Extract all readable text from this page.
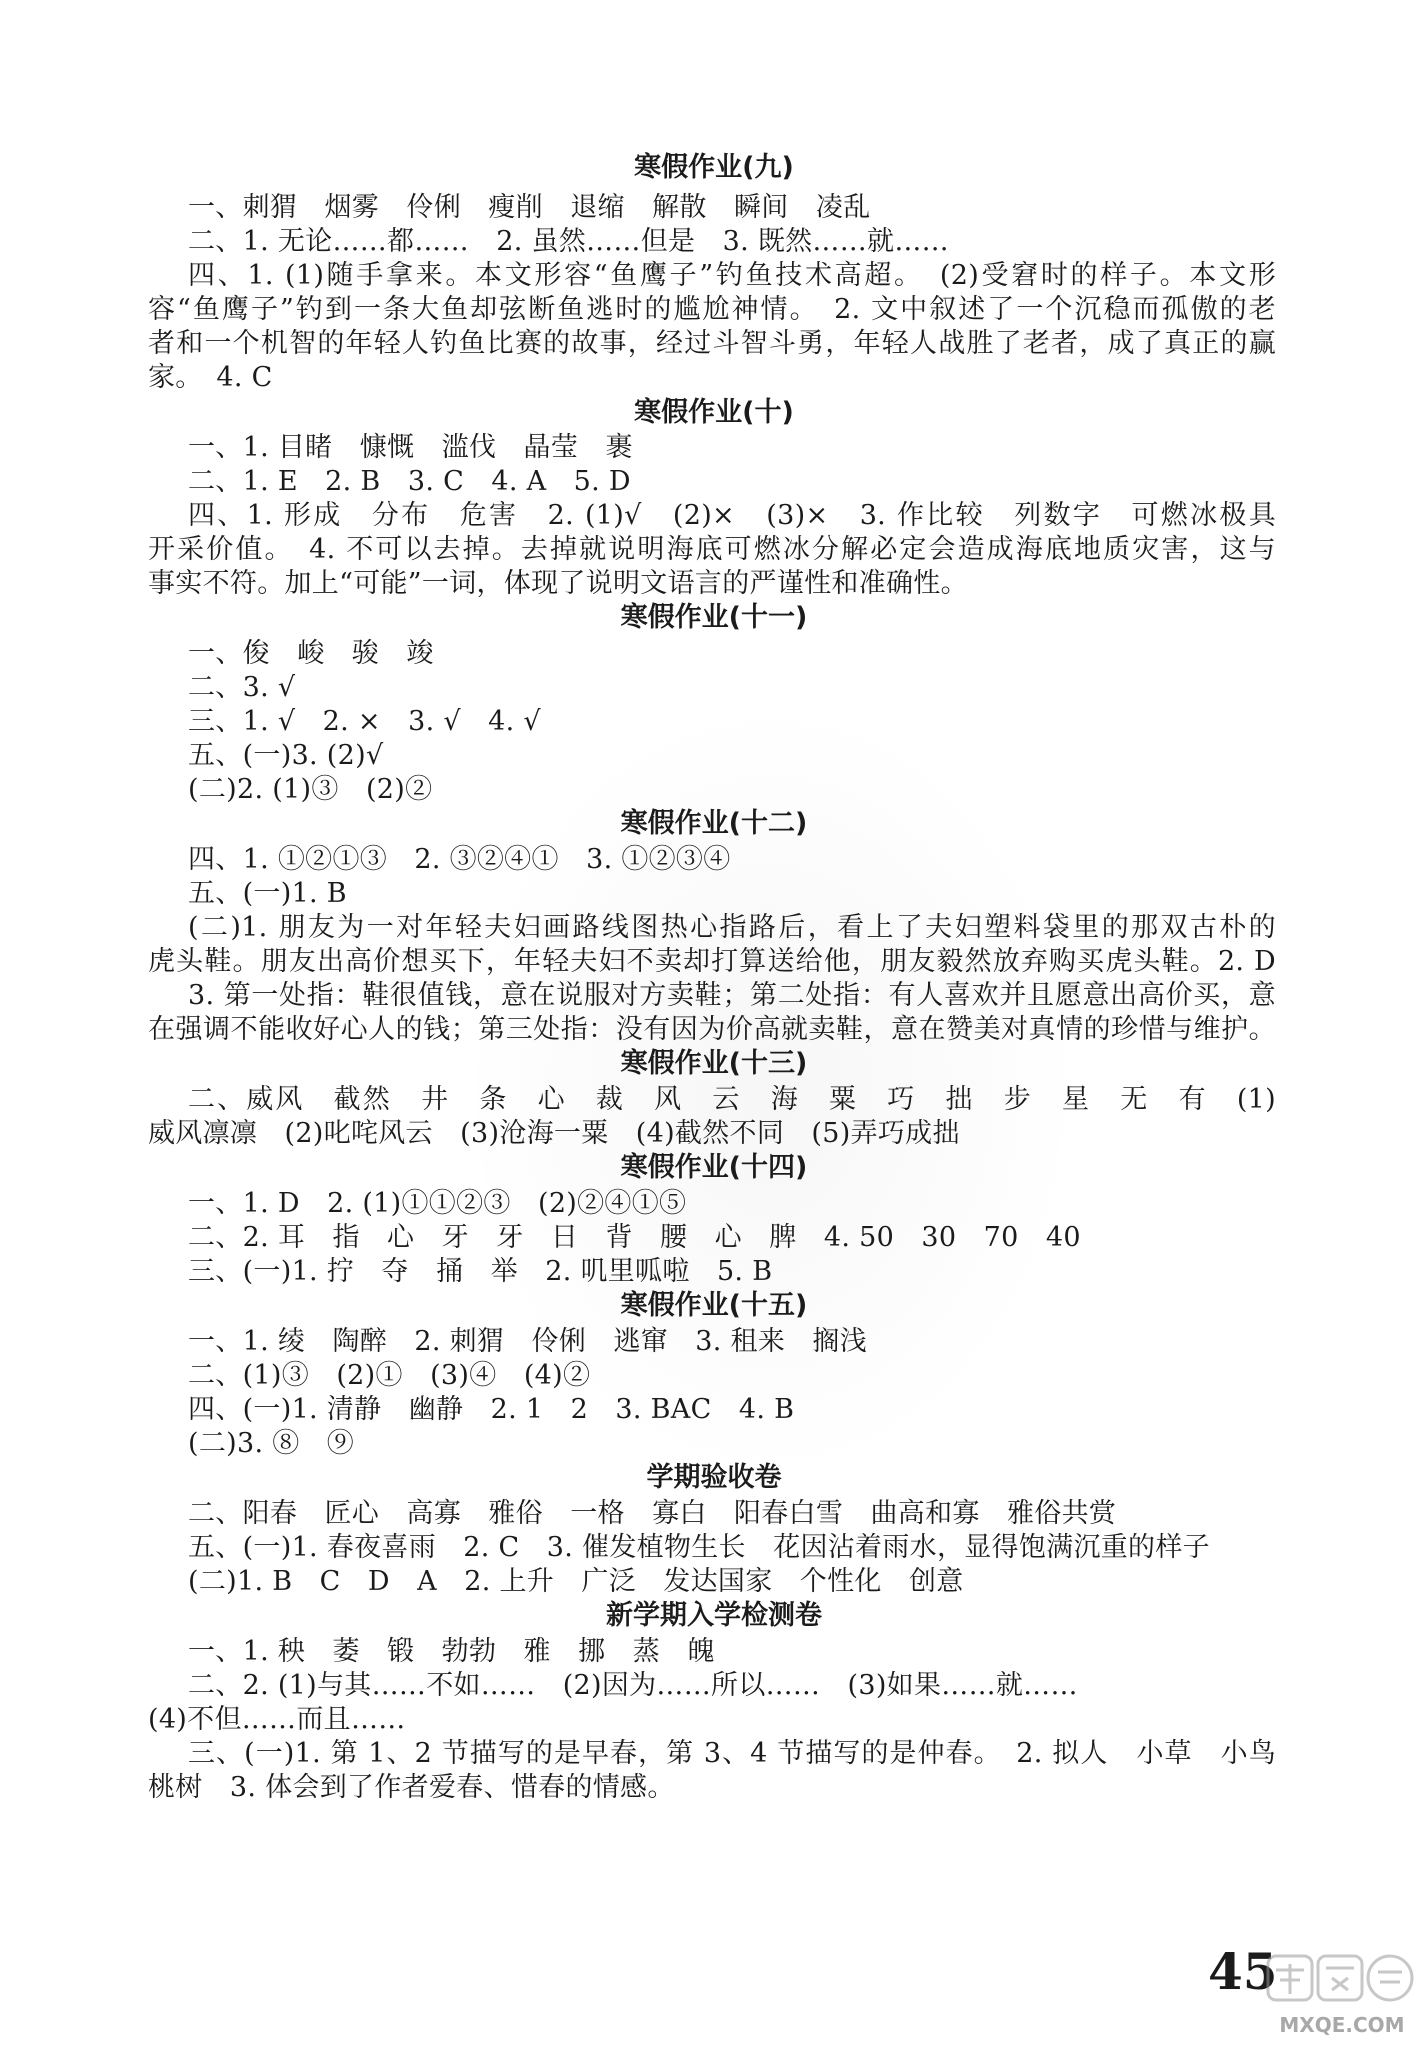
寒假作业(九)
一、刺猬　烟雾　伶俐　瘦削　退缩　解散　瞬间　凌乱
二、1. 无论……都……　2. 虽然……但是　3. 既然……就……
四、1. (1)随手拿来。本文形容“鱼鹰子”钓鱼技术高超。　(2)受窘时的样子。本文形
容“鱼鹰子”钓到一条大鱼却弦断鱼逃时的尴尬神情。　2. 文中叙述了一个沉稳而孤傲的老
者和一个机智的年轻人钓鱼比赛的故事，经过斗智斗勇，年轻人战胜了老者，成了真正的赢
家。　4. C
寒假作业(十)
一、1. 目睹　慷慨　滥伐　晶莹　裹
二、1. E　2. B　3. C　4. A　5. D
四、1. 形成　分布　危害　2. (1)√　(2)×　(3)×　3. 作比较　列数字　可燃冰极具
开采价值。　4. 不可以去掉。去掉就说明海底可燃冰分解必定会造成海底地质灾害，这与
事实不符。加上“可能”一词，体现了说明文语言的严谨性和准确性。
寒假作业(十一)
一、俊　峻　骏　竣
二、3. √
三、1. √　2. ×　3. √　4. √
五、(一)3. (2)√
(二)2. (1)③　(2)②
寒假作业(十二)
四、1. ①②①③　2. ③②④①　3. ①②③④
五、(一)1. B
(二)1. 朋友为一对年轻夫妇画路线图热心指路后，看上了夫妇塑料袋里的那双古朴的
虎头鞋。朋友出高价想买下，年轻夫妇不卖却打算送给他，朋友毅然放弃购买虎头鞋。2. D
3. 第一处指：鞋很值钱，意在说服对方卖鞋；第二处指：有人喜欢并且愿意出高价买，意
在强调不能收好心人的钱；第三处指：没有因为价高就卖鞋，意在赞美对真情的珍惜与维护。
寒假作业(十三)
二、威风　截然　井　条　心　裁　风　云　海　粟　巧　拙　步　星　无　有　(1)
威风凛凛　(2)叱咤风云　(3)沧海一粟　(4)截然不同　(5)弄巧成拙
寒假作业(十四)
一、1. D　2. (1)①①②③　(2)②④①⑤
二、2. 耳　指　心　牙　牙　日　背　腰　心　脾　4. 50　30　70　40
三、(一)1. 拧　夺　捅　举　2. 叽里呱啦　5. B
寒假作业(十五)
一、1. 绫　陶醉　2. 刺猬　伶俐　逃窜　3. 租来　搁浅
二、(1)③　(2)①　(3)④　(4)②
四、(一)1. 清静　幽静　2. 1　2　3. BAC　4. B
(二)3. ⑧　⑨
学期验收卷
二、阳春　匠心　高寡　雅俗　一格　寡白　阳春白雪　曲高和寡　雅俗共赏
五、(一)1. 春夜喜雨　2. C　3. 催发植物生长　花因沾着雨水，显得饱满沉重的样子
(二)1. B　C　D　A　2. 上升　广泛　发达国家　个性化　创意
新学期入学检测卷
一、1. 秧　萎　锻　勃勃　雅　挪　蒸　魄
二、2. (1)与其……不如……　(2)因为……所以……　(3)如果……就……
(4)不但……而且……
三、(一)1. 第 1、2 节描写的是早春，第 3、4 节描写的是仲春。　2. 拟人　小草　小鸟
桃树　3. 体会到了作者爱春、惜春的情感。
45
MXQE.COM
